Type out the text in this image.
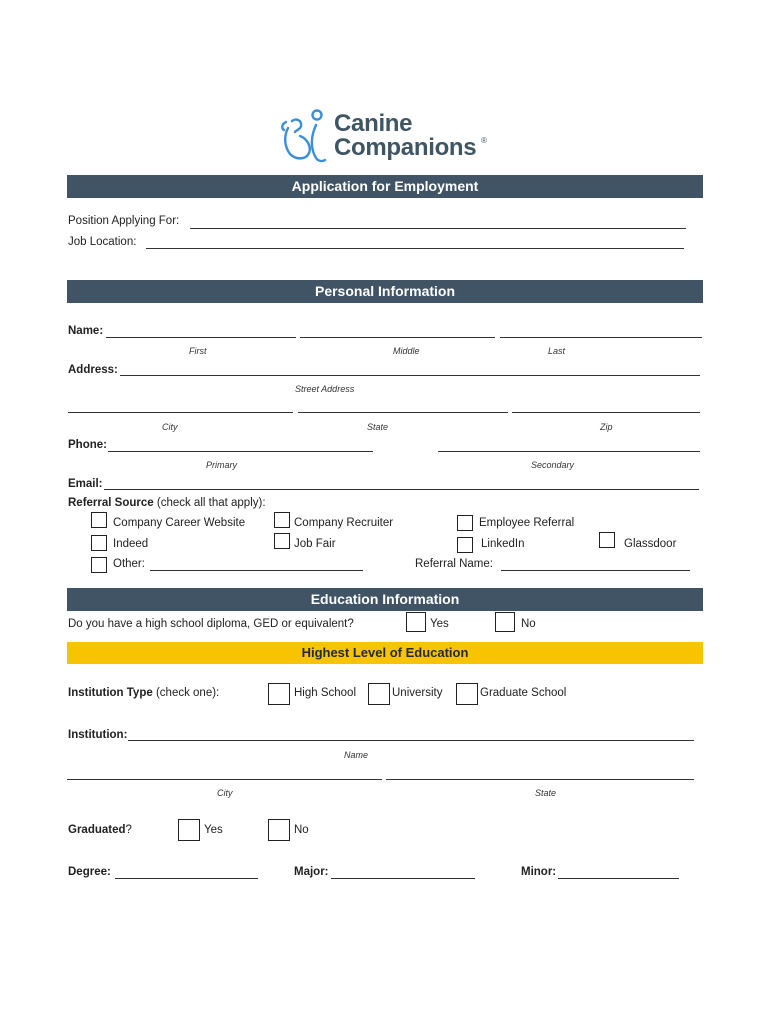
Canine
Companions ®
Application for Employment
Position Applying For:
Job Location:
Personal Information
Name:
First	Middle	Last
Address:
Street Address
City	State	Zip
Phone:
Primary	Secondary
Email:
Referral Source (check all that apply):
Company Career Website	Company Recruiter	Employee Referral
Indeed	Job Fair	LinkedIn	Glassdoor
Other:	Referral Name:
Education Information
Do you have a high school diploma, GED or equivalent?	Yes	No
Highest Level of Education
Institution Type (check one):	High School	University	Graduate School
Institution:
Name
City	State
Graduated?	Yes	No
Degree:	Major:	Minor:
